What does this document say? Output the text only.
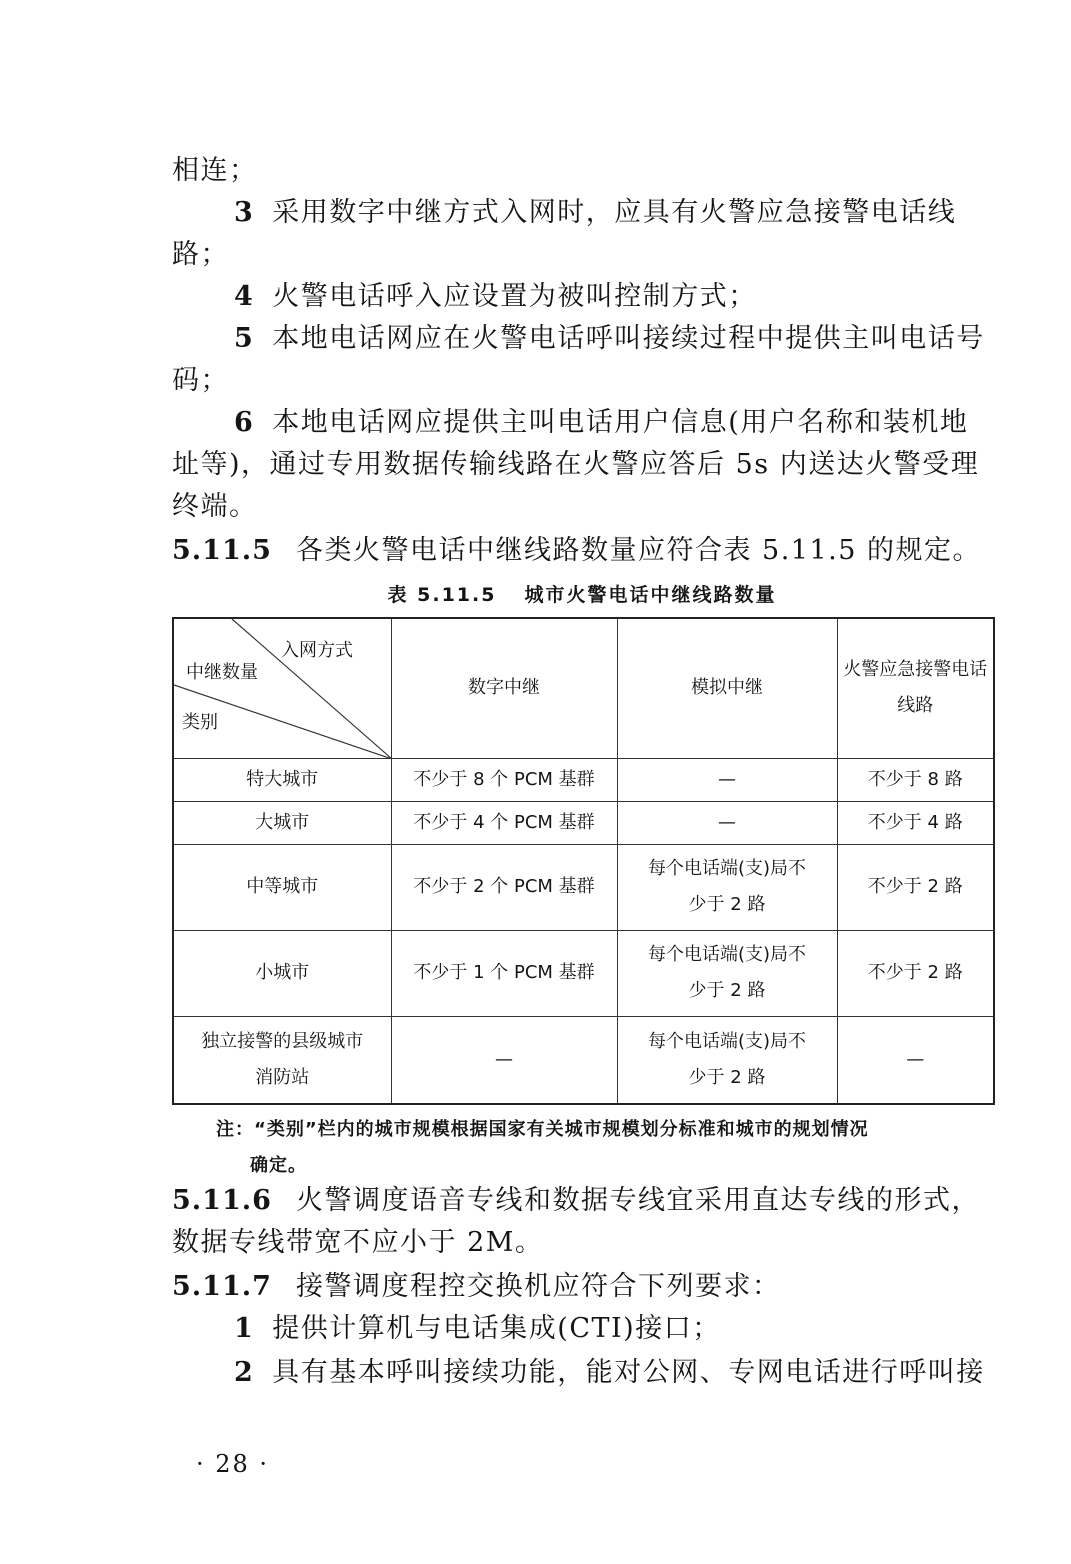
相连；

3 采用数字中继方式入网时，应具有火警应急接警电话线路；

4 火警电话呼入应设置为被叫控制方式；

5 本地电话网应在火警电话呼叫接续过程中提供主叫电话号码；

6 本地电话网应提供主叫电话用户信息(用户名称和装机地址等)，通过专用数据传输线路在火警应答后 5s 内送达火警受理终端。

5.11.5 各类火警电话中继线路数量应符合表 5.11.5 的规定。

表 5.11.5 城市火警电话中继线路数量
入网方式
中继数量
类别	数字中继	模拟中继	火警应急接警电话线路
特大城市	不少于 8 个 PCM 基群	—	不少于 8 路
大城市	不少于 4 个 PCM 基群	—	不少于 4 路
中等城市	不少于 2 个 PCM 基群	每个电话端(支)局不少于 2 路	不少于 2 路
小城市	不少于 1 个 PCM 基群	每个电话端(支)局不少于 2 路	不少于 2 路
独立接警的县级城市消防站	—	每个电话端(支)局不少于 2 路	—
注：“类别”栏内的城市规模根据国家有关城市规模划分标准和城市的规划情况
确定。

5.11.6 火警调度语音专线和数据专线宜采用直达专线的形式，数据专线带宽不应小于 2M。

5.11.7 接警调度程控交换机应符合下列要求：

1 提供计算机与电话集成(CTI)接口；

2 具有基本呼叫接续功能，能对公网、专网电话进行呼叫接

· 28 ·
